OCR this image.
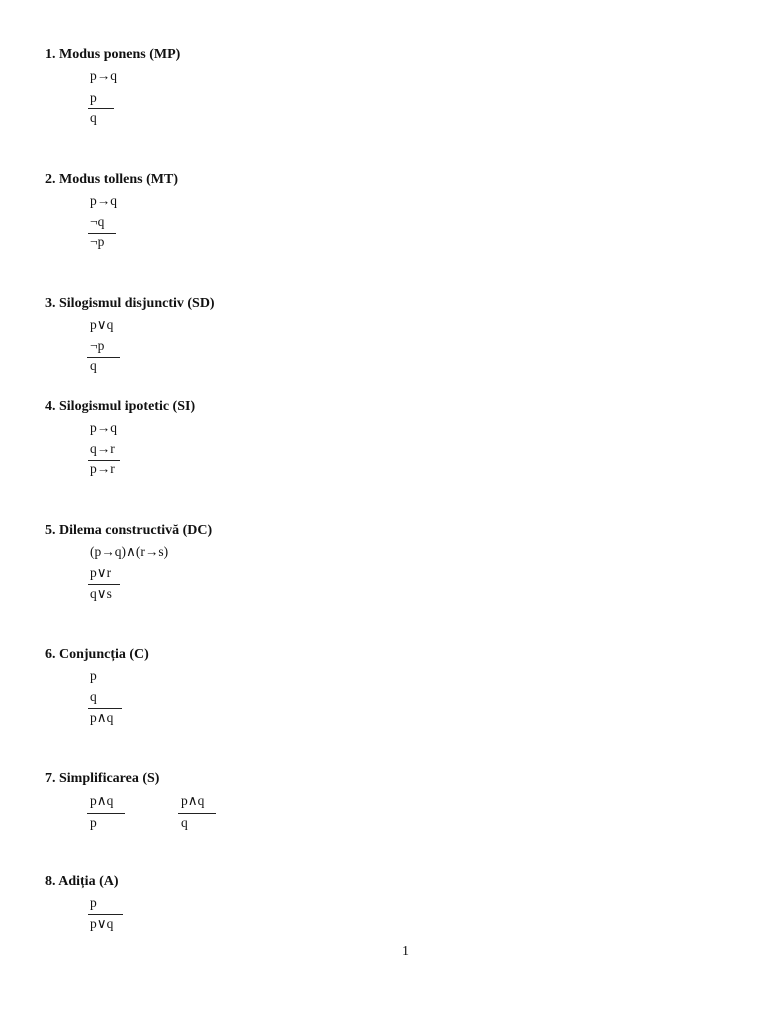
1. Modus ponens (MP)
p→q
p
q
2. Modus tollens (MT)
p→q
¬q
¬p
3. Silogismul disjunctiv (SD)
p∨q
¬p
q
4. Silogismul ipotetic (SI)
p→q
q→r
p→r
5. Dilema constructivă (DC)
(p→q)∧(r→s)
p∨r
q∨s
6. Conjuncția (C)
p
q
p∧q
7. Simplificarea (S)
p∧q
p
p∧q
q
8. Adiția (A)
p
p∨q
1
